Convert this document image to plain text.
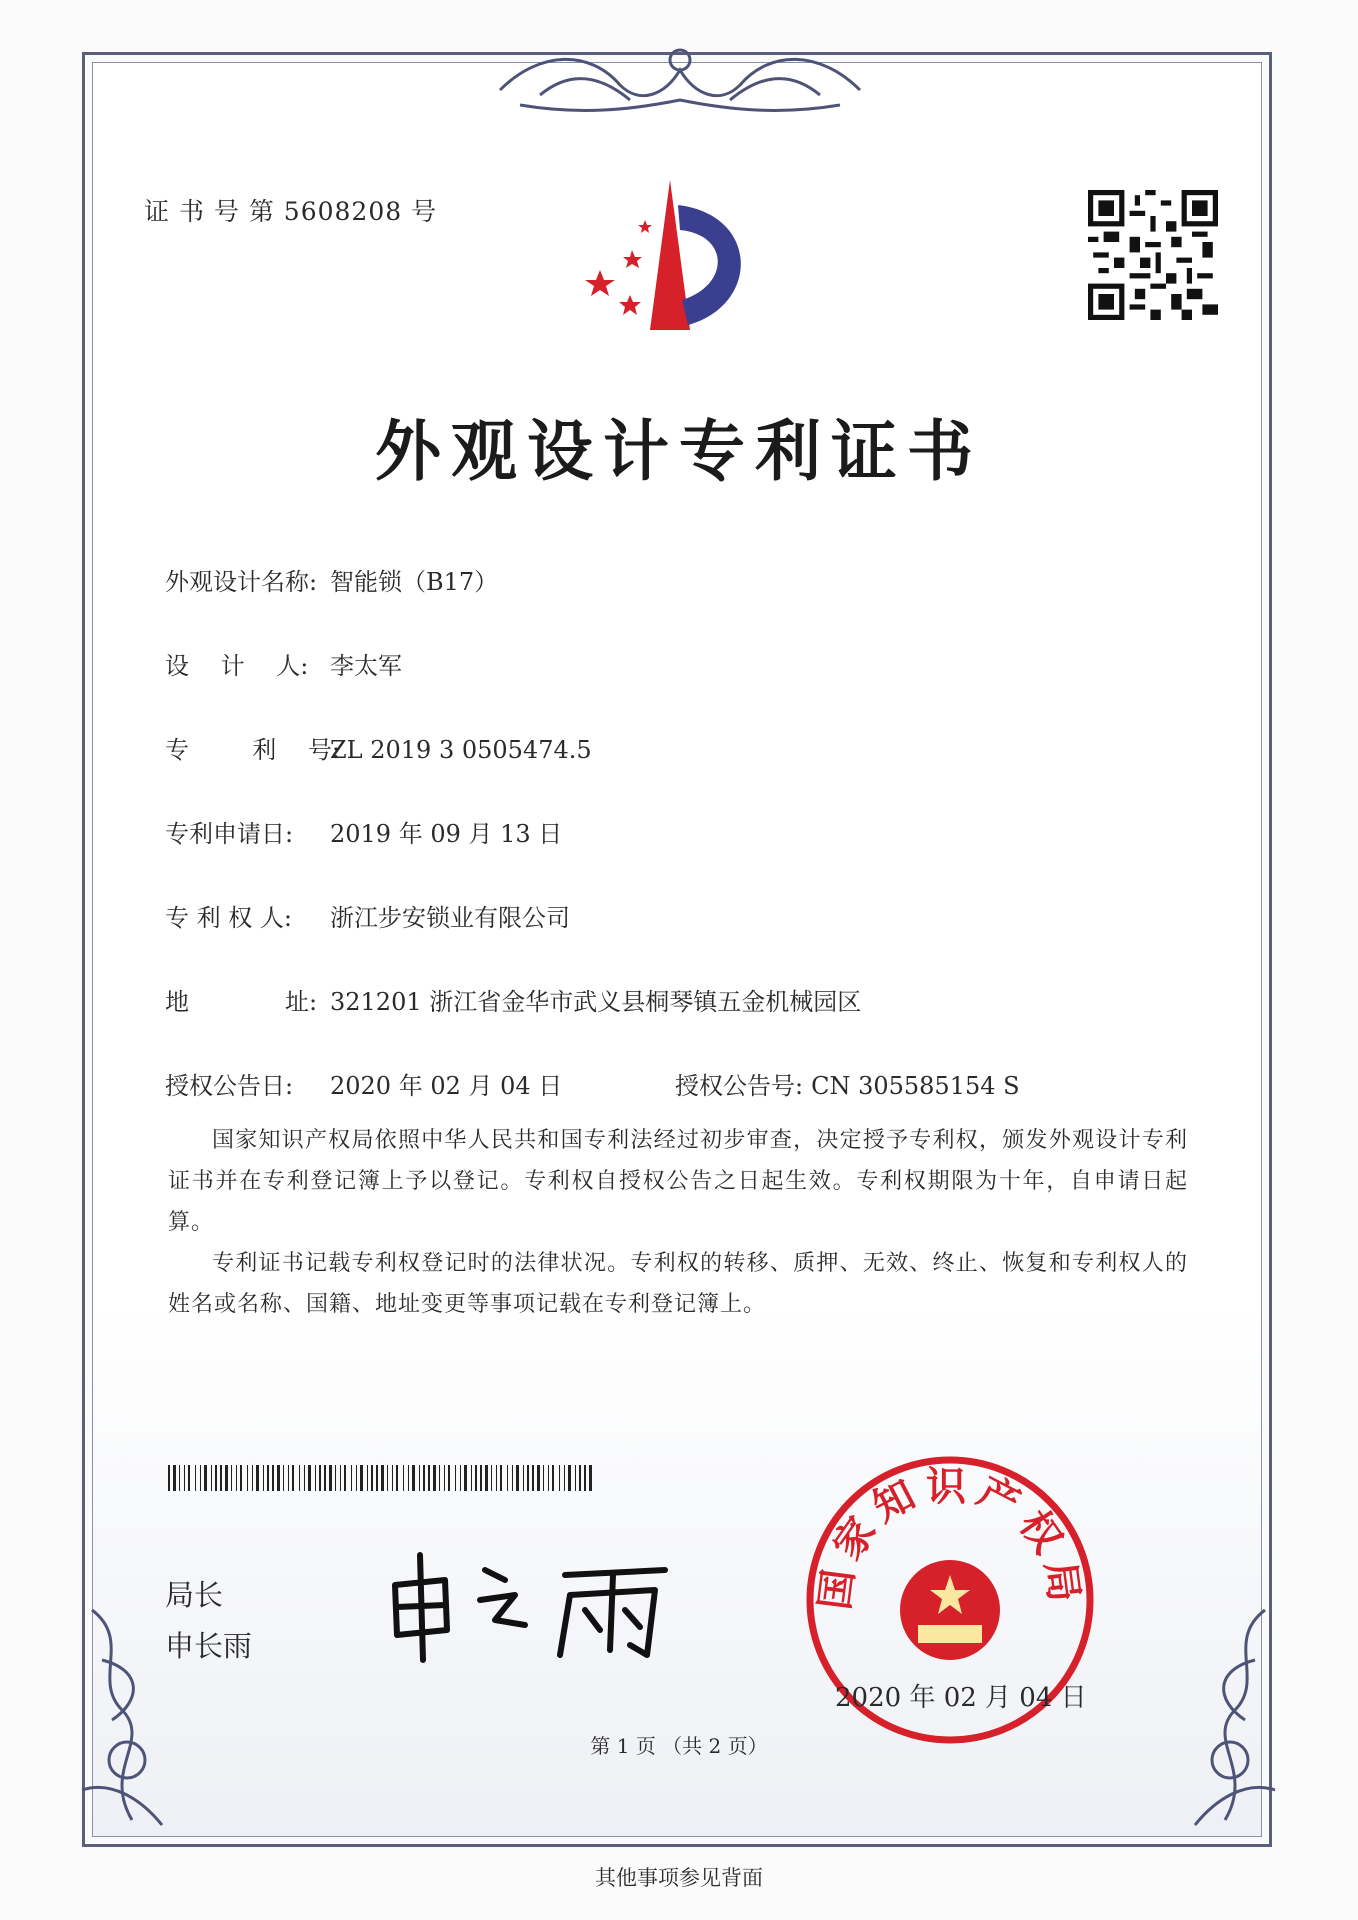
证 书 号 第 5608208 号
外观设计专利证书
外观设计名称: 智能锁（B17）
设　 计　 人: 李太军
专　 　 利　 号:ZL 2019 3 0505474.5
专利申请日: 2019 年 09 月 13 日
专 利 权 人: 浙江步安锁业有限公司
地　　　　址: 321201 浙江省金华市武义县桐琴镇五金机械园区
授权公告日: 2020 年 02 月 04 日	授权公告号: CN 305585154 S

国家知识产权局依照中华人民共和国专利法经过初步审查，决定授予专利权，颁发外观设计专利证书并在专利登记簿上予以登记。专利权自授权公告之日起生效。专利权期限为十年，自申请日起算。

专利证书记载专利权登记时的法律状况。专利权的转移、质押、无效、终止、恢复和专利权人的姓名或名称、国籍、地址变更等事项记载在专利登记簿上。

局长
申长雨
国家知识产权局
2020 年 02 月 04 日
第 1 页 （共 2 页）
其他事项参见背面
